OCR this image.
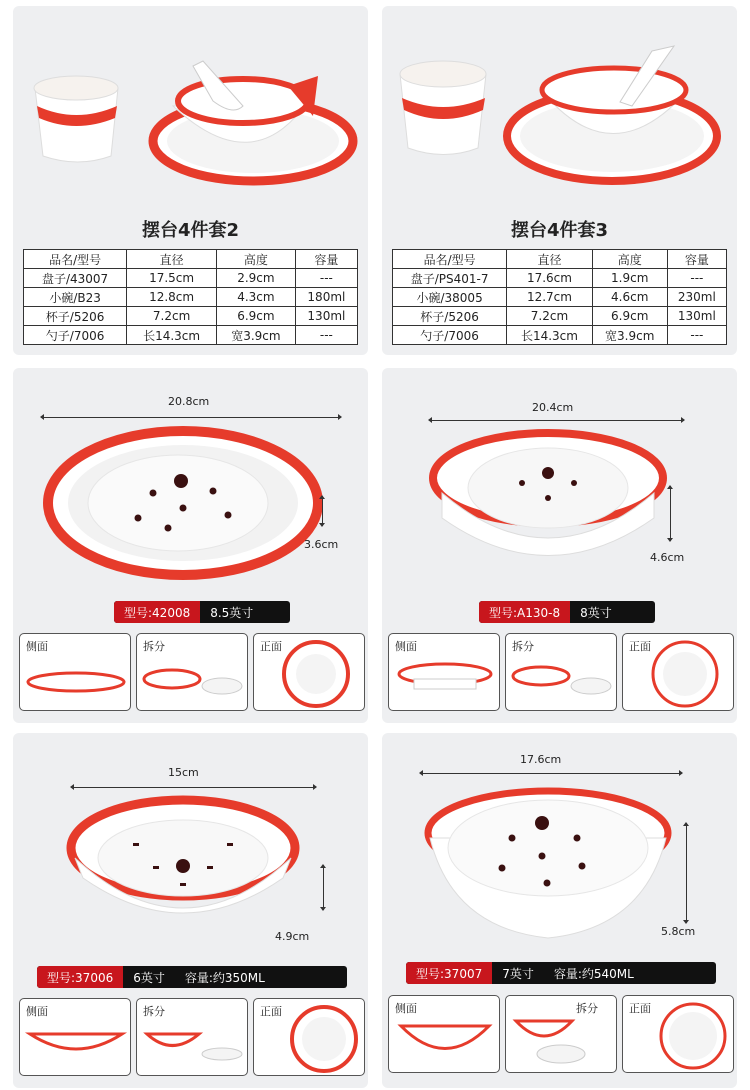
摆台4件套2
品名/型号	直径	高度	容量
盘子/43007	17.5cm	2.9cm	---
小碗/B23	12.8cm	4.3cm	180ml
杯子/5206	7.2cm	6.9cm	130ml
勺子/7006	长14.3cm	宽3.9cm	---
摆台4件套3
品名/型号	直径	高度	容量
盘子/PS401-7	17.6cm	1.9cm	---
小碗/38005	12.7cm	4.6cm	230ml
杯子/5206	7.2cm	6.9cm	130ml
勺子/7006	长14.3cm	宽3.9cm	---
20.8cm
3.6cm
型号:42008	8.5英寸
侧面	拆分	正面
20.4cm
4.6cm
型号:A130-8	8英寸
侧面	拆分	正面
15cm
4.9cm
型号:37006	6英寸	容量:约350ML
侧面	拆分	正面
17.6cm
5.8cm
型号:37007	7英寸	容量:约540ML
侧面	拆分	正面
